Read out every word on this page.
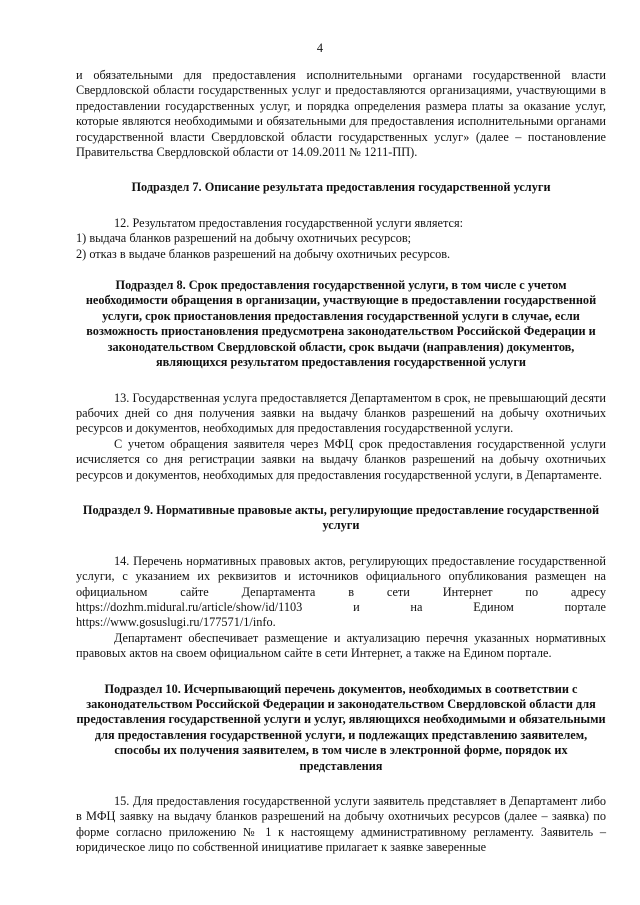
4

и обязательными для предоставления исполнительными органами государственной власти Свердловской области государственных услуг и предоставляются организациями, участвующими в предоставлении государственных услуг, и порядка определения размера платы за оказание услуг, которые являются необходимыми и обязательными для предоставления исполнительными органами государственной власти Свердловской области государственных услуг» (далее – постановление Правительства Свердловской области от 14.09.2011 № 1211-ПП).

Подраздел 7. Описание результата предоставления государственной услуги

12. Результатом предоставления государственной услуги является:

1) выдача бланков разрешений на добычу охотничьих ресурсов;

2) отказ в выдаче бланков разрешений на добычу охотничьих ресурсов.

Подраздел 8. Срок предоставления государственной услуги, в том числе с учетом необходимости обращения в организации, участвующие в предоставлении государственной услуги, срок приостановления предоставления государственной услуги в случае, если возможность приостановления предусмотрена законодательством Российской Федерации и законодательством Свердловской области, срок выдачи (направления) документов, являющихся результатом предоставления государственной услуги

13. Государственная услуга предоставляется Департаментом в срок, не превышающий десяти рабочих дней со дня получения заявки на выдачу бланков разрешений на добычу охотничьих ресурсов и документов, необходимых для предоставления государственной услуги.

С учетом обращения заявителя через МФЦ срок предоставления государственной услуги исчисляется со дня регистрации заявки на выдачу бланков разрешений на добычу охотничьих ресурсов и документов, необходимых для предоставления государственной услуги, в Департаменте.

Подраздел 9. Нормативные правовые акты, регулирующие предоставление государственной услуги

14. Перечень нормативных правовых актов, регулирующих предоставление государственной услуги, с указанием их реквизитов и источников официального опубликования размещен на официальном сайте Департамента в сети Интернет по адресу https://dozhm.midural.ru/article/show/id/1103 и на Едином портале https://www.gosuslugi.ru/177571/1/info.

Департамент обеспечивает размещение и актуализацию перечня указанных нормативных правовых актов на своем официальном сайте в сети Интернет, а также на Едином портале.

Подраздел 10. Исчерпывающий перечень документов, необходимых в соответствии с законодательством Российской Федерации и законодательством Свердловской области для предоставления государственной услуги и услуг, являющихся необходимыми и обязательными для предоставления государственной услуги, и подлежащих представлению заявителем, способы их получения заявителем, в том числе в электронной форме, порядок их представления

15. Для предоставления государственной услуги заявитель представляет в Департамент либо в МФЦ заявку на выдачу бланков разрешений на добычу охотничьих ресурсов (далее – заявка) по форме согласно приложению № 1 к настоящему административному регламенту. Заявитель – юридическое лицо по собственной инициативе прилагает к заявке заверенные
